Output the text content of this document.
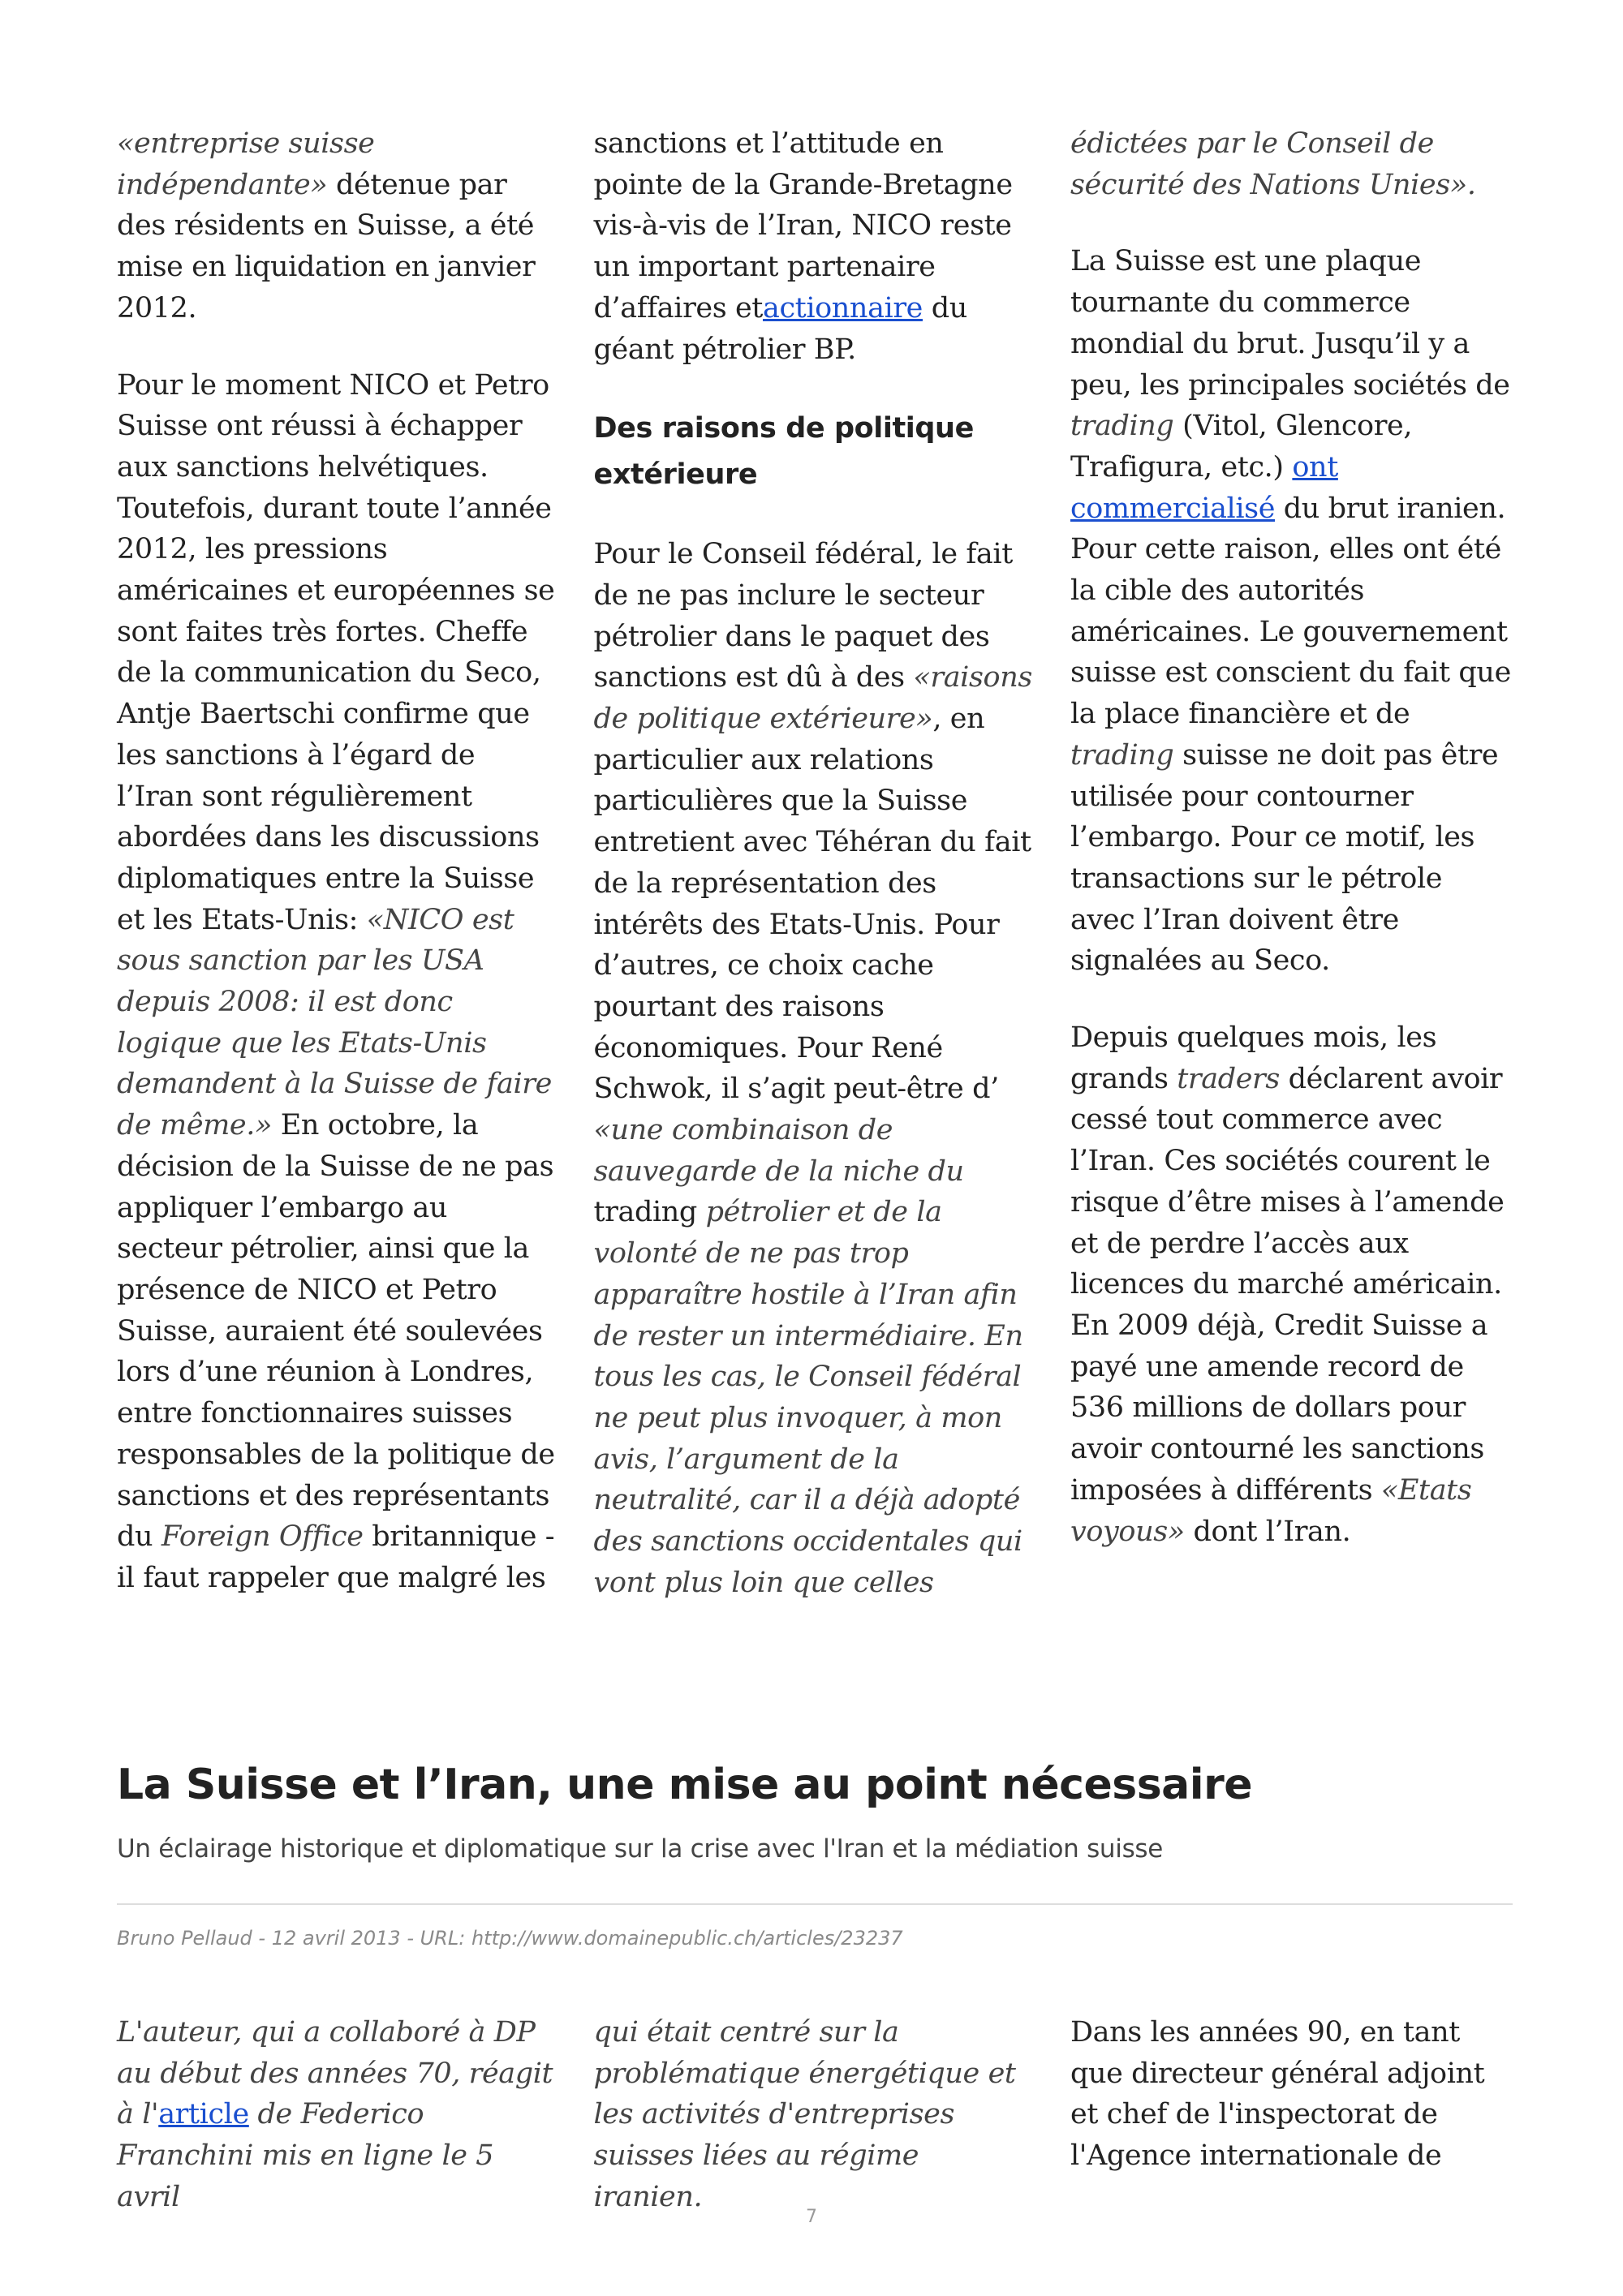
«entreprise suisse indépendante» détenue par des résidents en Suisse, a été mise en liquidation en janvier 2012.

Pour le moment NICO et Petro Suisse ont réussi à échapper aux sanctions helvétiques. Toutefois, durant toute l’année 2012, les pressions américaines et européennes se sont faites très fortes. Cheffe de la communication du Seco, Antje Baertschi confirme que les sanctions à l’égard de l’Iran sont régulièrement abordées dans les discussions diplomatiques entre la Suisse et les Etats-Unis: «NICO est sous sanction par les USA depuis 2008: il est donc logique que les Etats-Unis demandent à la Suisse de faire de même.» En octobre, la décision de la Suisse de ne pas appliquer l’embargo au secteur pétrolier, ainsi que la présence de NICO et Petro Suisse, auraient été soulevées lors d’une réunion à Londres, entre fonctionnaires suisses responsables de la politique de sanctions et des représentants du Foreign Office britannique - il faut rappeler que malgré les

sanctions et l’attitude en pointe de la Grande-Bretagne vis-à-vis de l’Iran, NICO reste un important partenaire d’affaires etactionnaire du géant pétrolier BP.

Des raisons de politique extérieure

Pour le Conseil fédéral, le fait de ne pas inclure le secteur pétrolier dans le paquet des sanctions est dû à des «raisons de politique extérieure», en particulier aux relations particulières que la Suisse entretient avec Téhéran du fait de la représentation des intérêts des Etats-Unis. Pour d’autres, ce choix cache pourtant des raisons économiques. Pour René Schwok, il s’agit peut-être d’ «une combinaison de sauvegarde de la niche du trading pétrolier et de la volonté de ne pas trop apparaître hostile à l’Iran afin de rester un intermédiaire. En tous les cas, le Conseil fédéral ne peut plus invoquer, à mon avis, l’argument de la neutralité, car il a déjà adopté des sanctions occidentales qui vont plus loin que celles

édictées par le Conseil de sécurité des Nations Unies».

La Suisse est une plaque tournante du commerce mondial du brut. Jusqu’il y a peu, les principales sociétés de trading (Vitol, Glencore, Trafigura, etc.) ont commercialisé du brut iranien. Pour cette raison, elles ont été la cible des autorités américaines. Le gouvernement suisse est conscient du fait que la place financière et de trading suisse ne doit pas être utilisée pour contourner l’embargo. Pour ce motif, les transactions sur le pétrole avec l’Iran doivent être signalées au Seco.

Depuis quelques mois, les grands traders déclarent avoir cessé tout commerce avec l’Iran. Ces sociétés courent le risque d’être mises à l’amende et de perdre l’accès aux licences du marché américain. En 2009 déjà, Credit Suisse a payé une amende record de 536 millions de dollars pour avoir contourné les sanctions imposées à différents «Etats voyous» dont l’Iran.

La Suisse et l’Iran, une mise au point nécessaire

Un éclairage historique et diplomatique sur la crise avec l'Iran et la médiation suisse

Bruno Pellaud - 12 avril 2013 - URL: http://www.domainepublic.ch/articles/23237

L'auteur, qui a collaboré à DP au début des années 70, réagit à l'article de Federico Franchini mis en ligne le 5 avril

qui était centré sur la problématique énergétique et les activités d'entreprises suisses liées au régime iranien.

Dans les années 90, en tant que directeur général adjoint et chef de l'inspectorat de l'Agence internationale de

7
